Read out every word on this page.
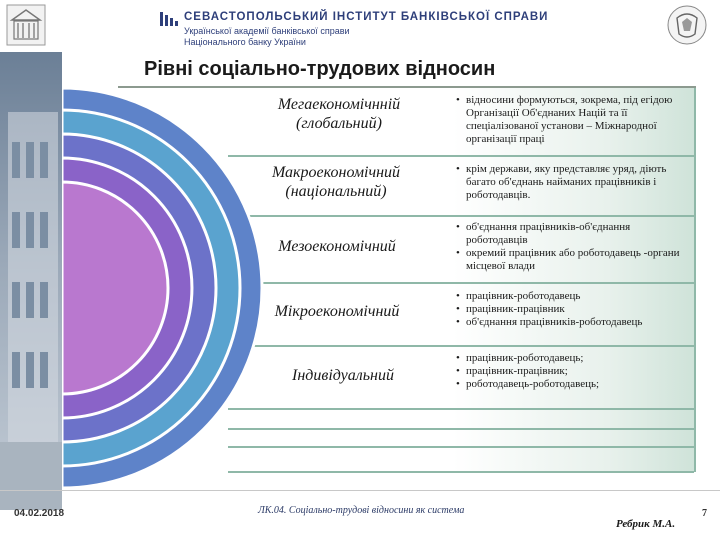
СЕВАСТОПОЛЬСЬКИЙ ІНСТИТУТ БАНКІВСЬКОЇ СПРАВИ
Української академії банківської справи
Національного банку України
Рівні соціально-трудових відносин
Мегаекономічнній
(глобальний)
Макроекономічний
(національний)
Мезоекономічний
Мікроекономічний
Індивідуальний
• відносини формуються, зокрема, під егідою Організації Об'єднаних Націй та її спеціалізованої установи – Міжнародної організації праці
• крім держави, яку представляє уряд, діють багато об'єднань найманих працівників і роботодавців.
• об'єднання працівників-об'єднання роботодавців
• окремий працівник або роботодавець -органи місцевої влади
• працівник-роботодавець
• працівник-працівник
• об'єднання працівників-роботодавець
• працівник-роботодавець;
• працівник-працівник;
• роботодавець-роботодавець;
04.02.2018	ЛК.04. Соціально-трудові відносини як система
Ребрик М.А.
7
